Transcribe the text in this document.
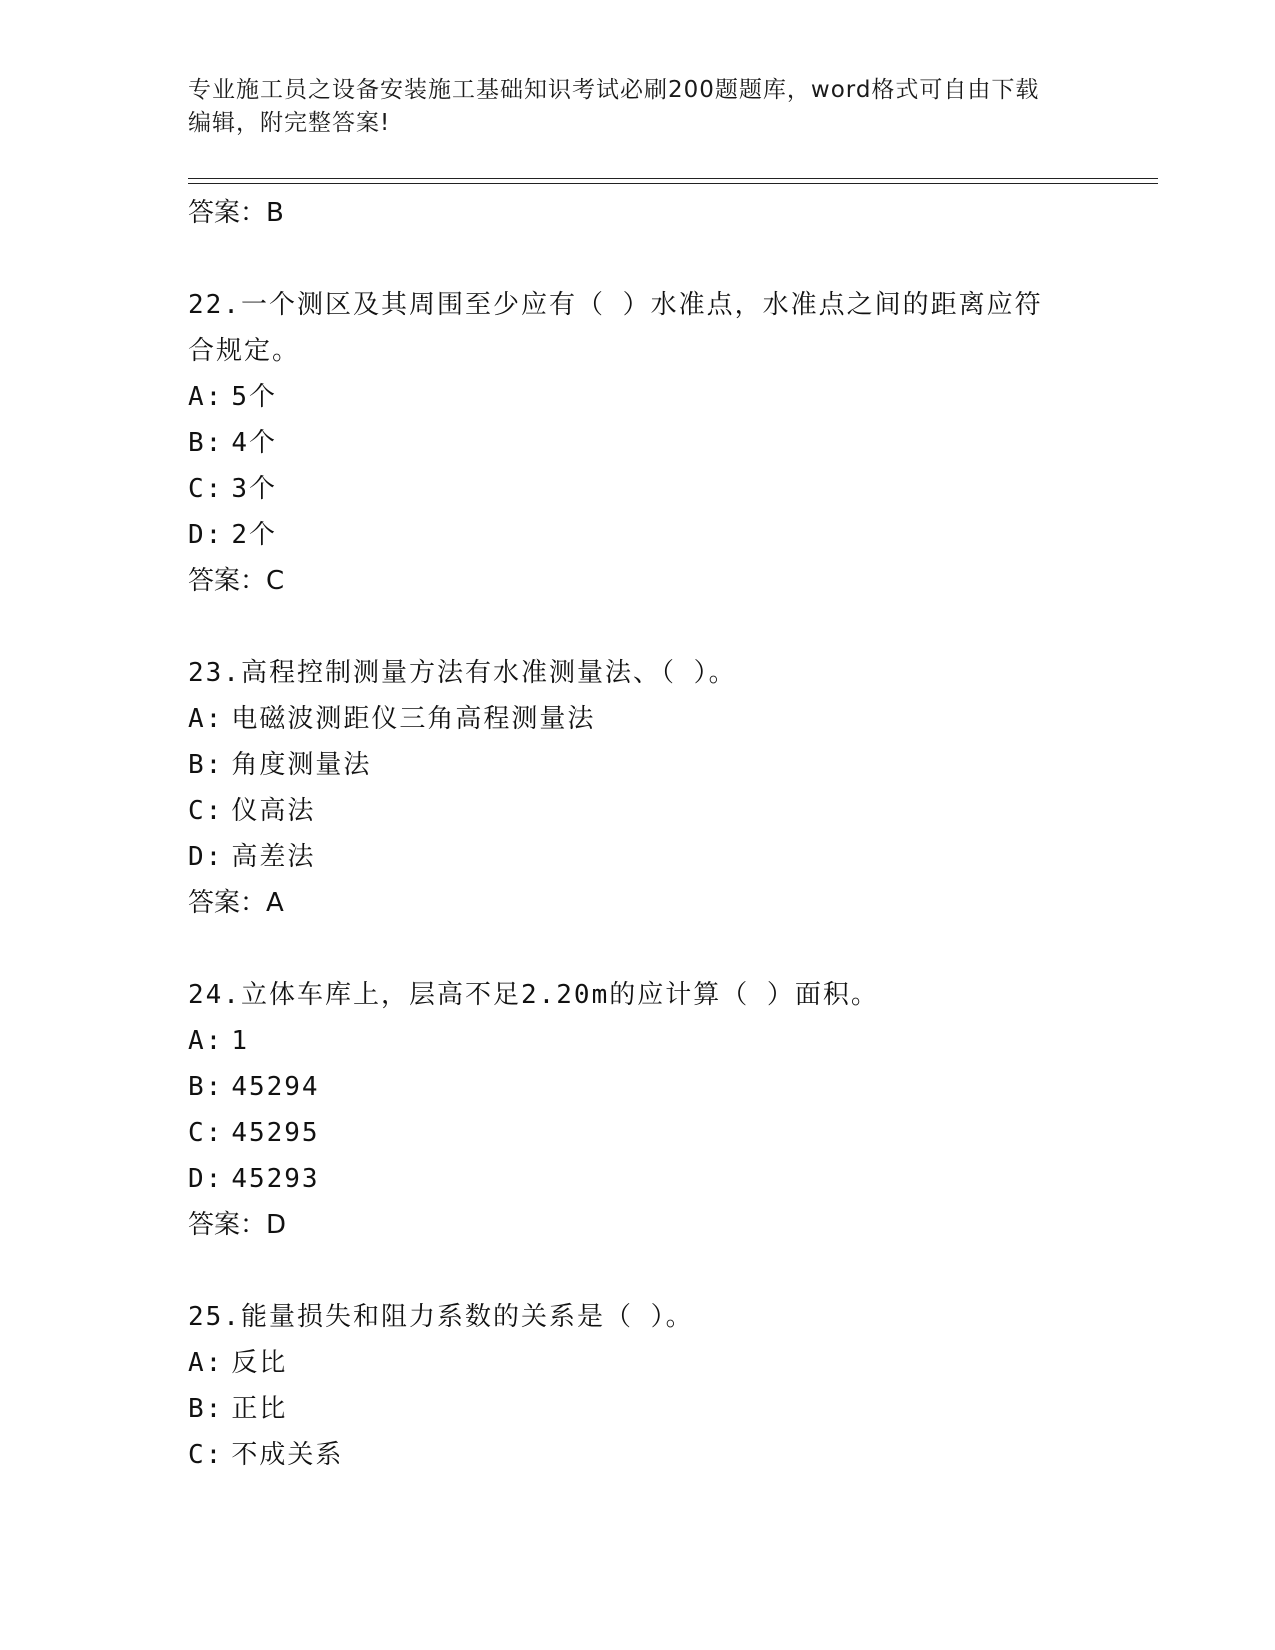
专业施工员之设备安装施工基础知识考试必刷200题题库，word格式可自由下载
编辑，附完整答案!
答案：B
22.一个测区及其周围至少应有（ ）水准点，水准点之间的距离应符
合规定。
A: 5个
B: 4个
C: 3个
D: 2个
答案：C
23.高程控制测量方法有水准测量法、（ ）。
A: 电磁波测距仪三角高程测量法
B: 角度测量法
C: 仪高法
D: 高差法
答案：A
24.立体车库上，层高不足2.20m的应计算（ ）面积。
A: 1
B: 45294
C: 45295
D: 45293
答案：D
25.能量损失和阻力系数的关系是（ ）。
A: 反比
B: 正比
C: 不成关系
